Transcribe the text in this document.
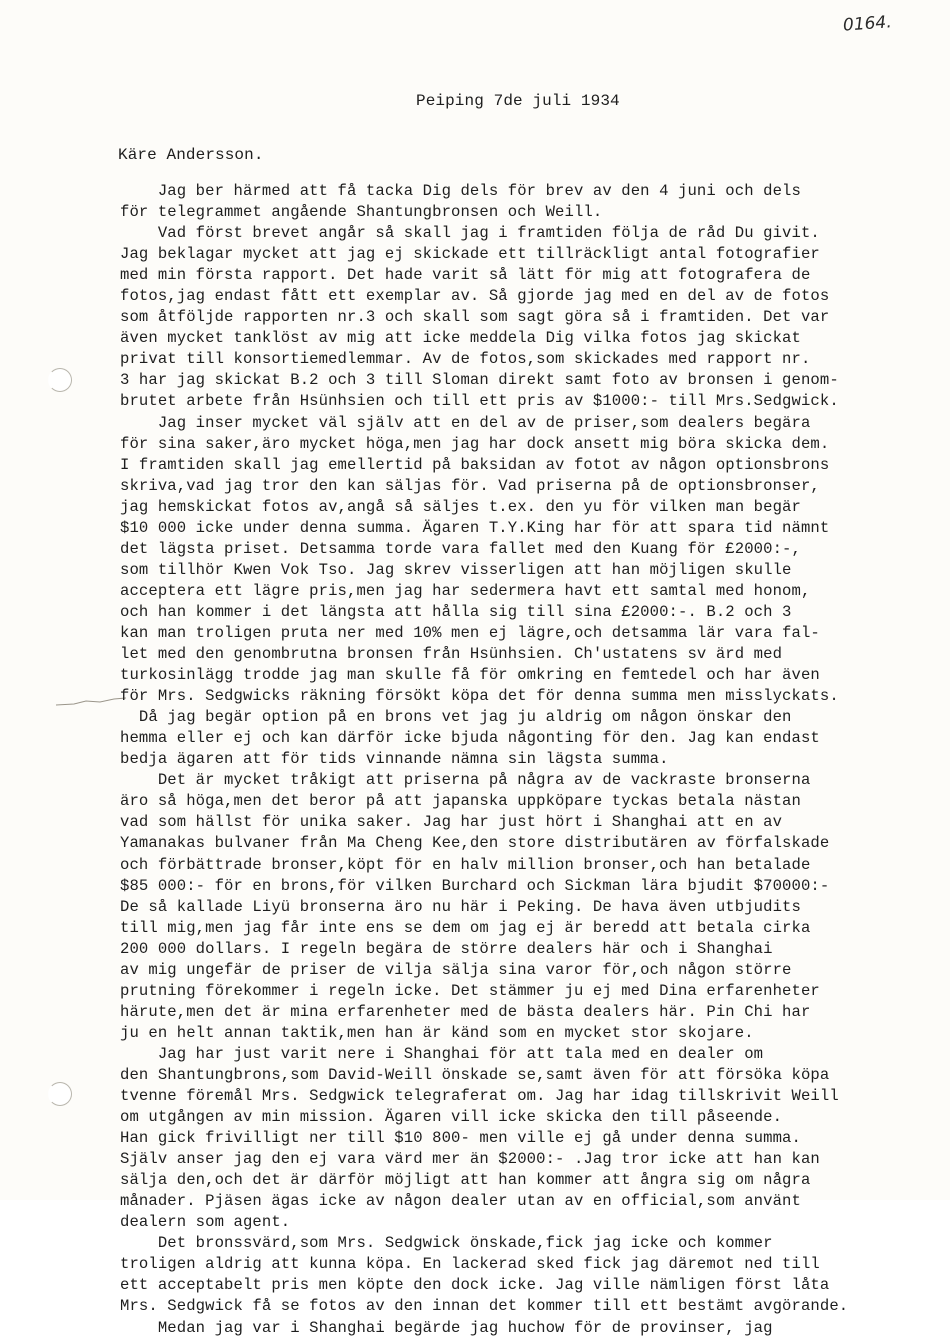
0164.
Peiping 7de juli 1934
Käre Andersson.
Jag ber härmed att få tacka Dig dels för brev av den 4 juni och dels
för telegrammet angående Shantungbronsen och Weill.
Vad först brevet angår så skall jag i framtiden följa de råd Du givit.
Jag beklagar mycket att jag ej skickade ett tillräckligt antal fotografier
med min första rapport. Det hade varit så lätt för mig att fotografera de
fotos,jag endast fått ett exemplar av. Så gjorde jag med en del av de fotos
som åtföljde rapporten nr.3 och skall som sagt göra så i framtiden. Det var
även mycket tanklöst av mig att icke meddela Dig vilka fotos jag skickat
privat till konsortiemedlemmar. Av de fotos,som skickades med rapport nr.
3 har jag skickat B.2 och 3 till Sloman direkt samt foto av bronsen i genom-
brutet arbete från Hsünhsien och till ett pris av $1000:- till Mrs.Sedgwick.
Jag inser mycket väl själv att en del av de priser,som dealers begära
för sina saker,äro mycket höga,men jag har dock ansett mig böra skicka dem.
I framtiden skall jag emellertid på baksidan av fotot av någon optionsbrons
skriva,vad jag tror den kan säljas för. Vad priserna på de optionsbronser,
jag hemskickat fotos av,angå så säljes t.ex. den yu för vilken man begär
$10 000 icke under denna summa. Ägaren T.Y.King har för att spara tid nämnt
det lägsta priset. Detsamma torde vara fallet med den Kuang för £2000:-,
som tillhör Kwen Vok Tso. Jag skrev visserligen att han möjligen skulle
acceptera ett lägre pris,men jag har sedermera havt ett samtal med honom,
och han kommer i det längsta att hålla sig till sina £2000:-. B.2 och 3
kan man troligen pruta ner med 10% men ej lägre,och detsamma lär vara fal-
let med den genombrutna bronsen från Hsünhsien. Ch'ustatens sv ärd med
turkosinlägg trodde jag man skulle få för omkring en femtedel och har även
för Mrs. Sedgwicks räkning försökt köpa det för denna summa men misslyckats.
Då jag begär option på en brons vet jag ju aldrig om någon önskar den
hemma eller ej och kan därför icke bjuda någonting för den. Jag kan endast
bedja ägaren att för tids vinnande nämna sin lägsta summa.
Det är mycket tråkigt att priserna på några av de vackraste bronserna
äro så höga,men det beror på att japanska uppköpare tyckas betala nästan
vad som hällst för unika saker. Jag har just hört i Shanghai att en av
Yamanakas bulvaner från Ma Cheng Kee,den store distributären av förfalskade
och förbättrade bronser,köpt för en halv million bronser,och han betalade
$85 000:- för en brons,för vilken Burchard och Sickman lära bjudit $70000:-
De så kallade Liyü bronserna äro nu här i Peking. De hava även utbjudits
till mig,men jag får inte ens se dem om jag ej är beredd att betala cirka
200 000 dollars. I regeln begära de större dealers här och i Shanghai
av mig ungefär de priser de vilja sälja sina varor för,och någon större
prutning förekommer i regeln icke. Det stämmer ju ej med Dina erfarenheter
härute,men det är mina erfarenheter med de bästa dealers här. Pin Chi har
ju en helt annan taktik,men han är känd som en mycket stor skojare.
Jag har just varit nere i Shanghai för att tala med en dealer om
den Shantungbrons,som David-Weill önskade se,samt även för att försöka köpa
tvenne föremål Mrs. Sedgwick telegraferat om. Jag har idag tillskrivit Weill
om utgången av min mission. Ägaren vill icke skicka den till påseende.
Han gick frivilligt ner till $10 800- men ville ej gå under denna summa.
Själv anser jag den ej vara värd mer än $2000:- .Jag tror icke att han kan
sälja den,och det är därför möjligt att han kommer att ångra sig om några
månader. Pjäsen ägas icke av någon dealer utan av en official,som använt
dealern som agent.
Det bronssvärd,som Mrs. Sedgwick önskade,fick jag icke och kommer
troligen aldrig att kunna köpa. En lackerad sked fick jag däremot ned till
ett acceptabelt pris men köpte den dock icke. Jag ville nämligen först låta
Mrs. Sedgwick få se fotos av den innan det kommer till ett bestämt avgörande.
Medan jag var i Shanghai begärde jag huchow för de provinser, jag
